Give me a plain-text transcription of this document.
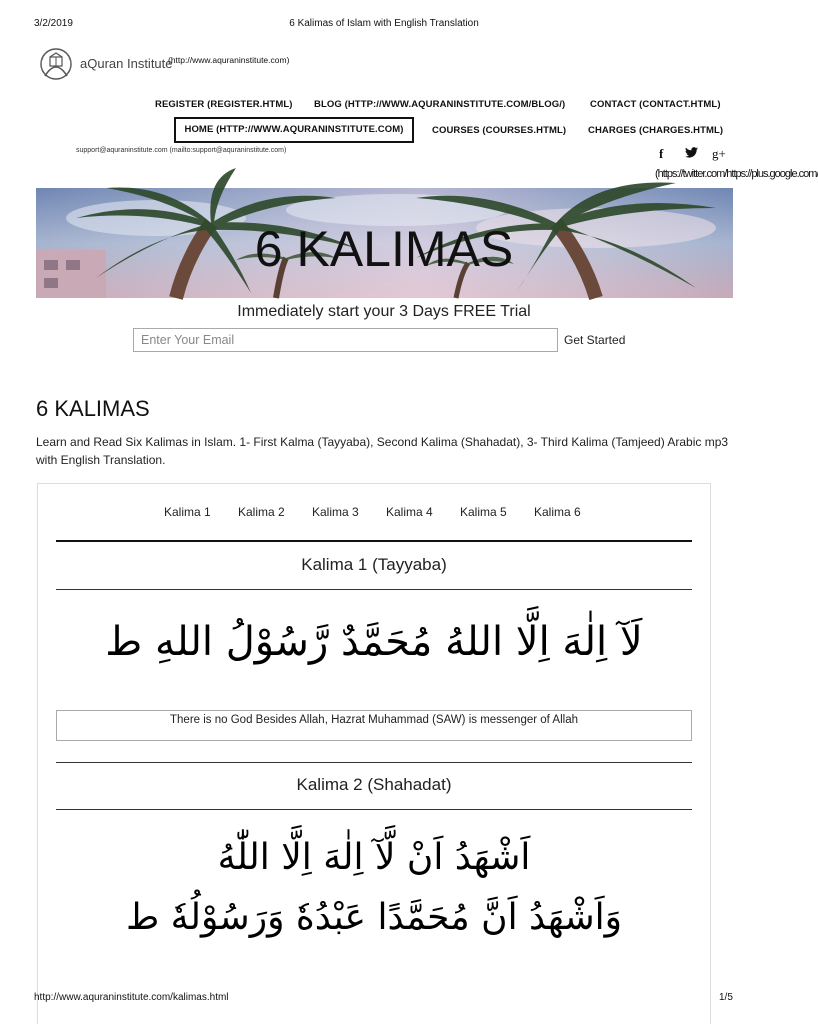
3/2/2019	6 Kalimas of Islam with English Translation
aQuran Institute
(http://www.aquraninstitute.com)
REGISTER (REGISTER.HTML) BLOG (HTTP://WWW.AQURANINSTITUTE.COM/BLOG/)	CONTACT (CONTACT.HTML)
HOME (HTTP://WWW.AQURANINSTITUTE.COM)	COURSES (COURSES.HTML) CHARGES (CHARGES.HTML)
support@aquraninstitute.com (mailto:support@aquraninstitute.com)	f	g+
(https://twitter.com/https://plus.google.com/
6 KALIMAS
Immediately start your 3 Days FREE Trial
Enter Your Email
Get Started
6 KALIMAS
Learn and Read Six Kalimas in Islam. 1- First Kalma (Tayyaba), Second Kalima (Shahadat), 3- Third Kalima (Tamjeed) Arabic mp3 with English Translation.
Kalima 1 Kalima 2 Kalima 3 Kalima 4 Kalima 5 Kalima 6
Kalima 1 (Tayyaba)
لَآ اِلٰهَ اِلَّا اللهُ مُحَمَّدٌ رَّسُوْلُ اللهِ ط
There is no God Besides Allah, Hazrat Muhammad (SAW) is messenger of Allah
Kalima 2 (Shahadat)
اَشْهَدُ اَنْ لَّآ اِلٰهَ اِلَّا اللّٰهُ
وَاَشْهَدُ اَنَّ مُحَمَّدًا عَبْدُهٗ وَرَسُوْلُهٗ ط
http://www.aquraninstitute.com/kalimas.html	1/5
